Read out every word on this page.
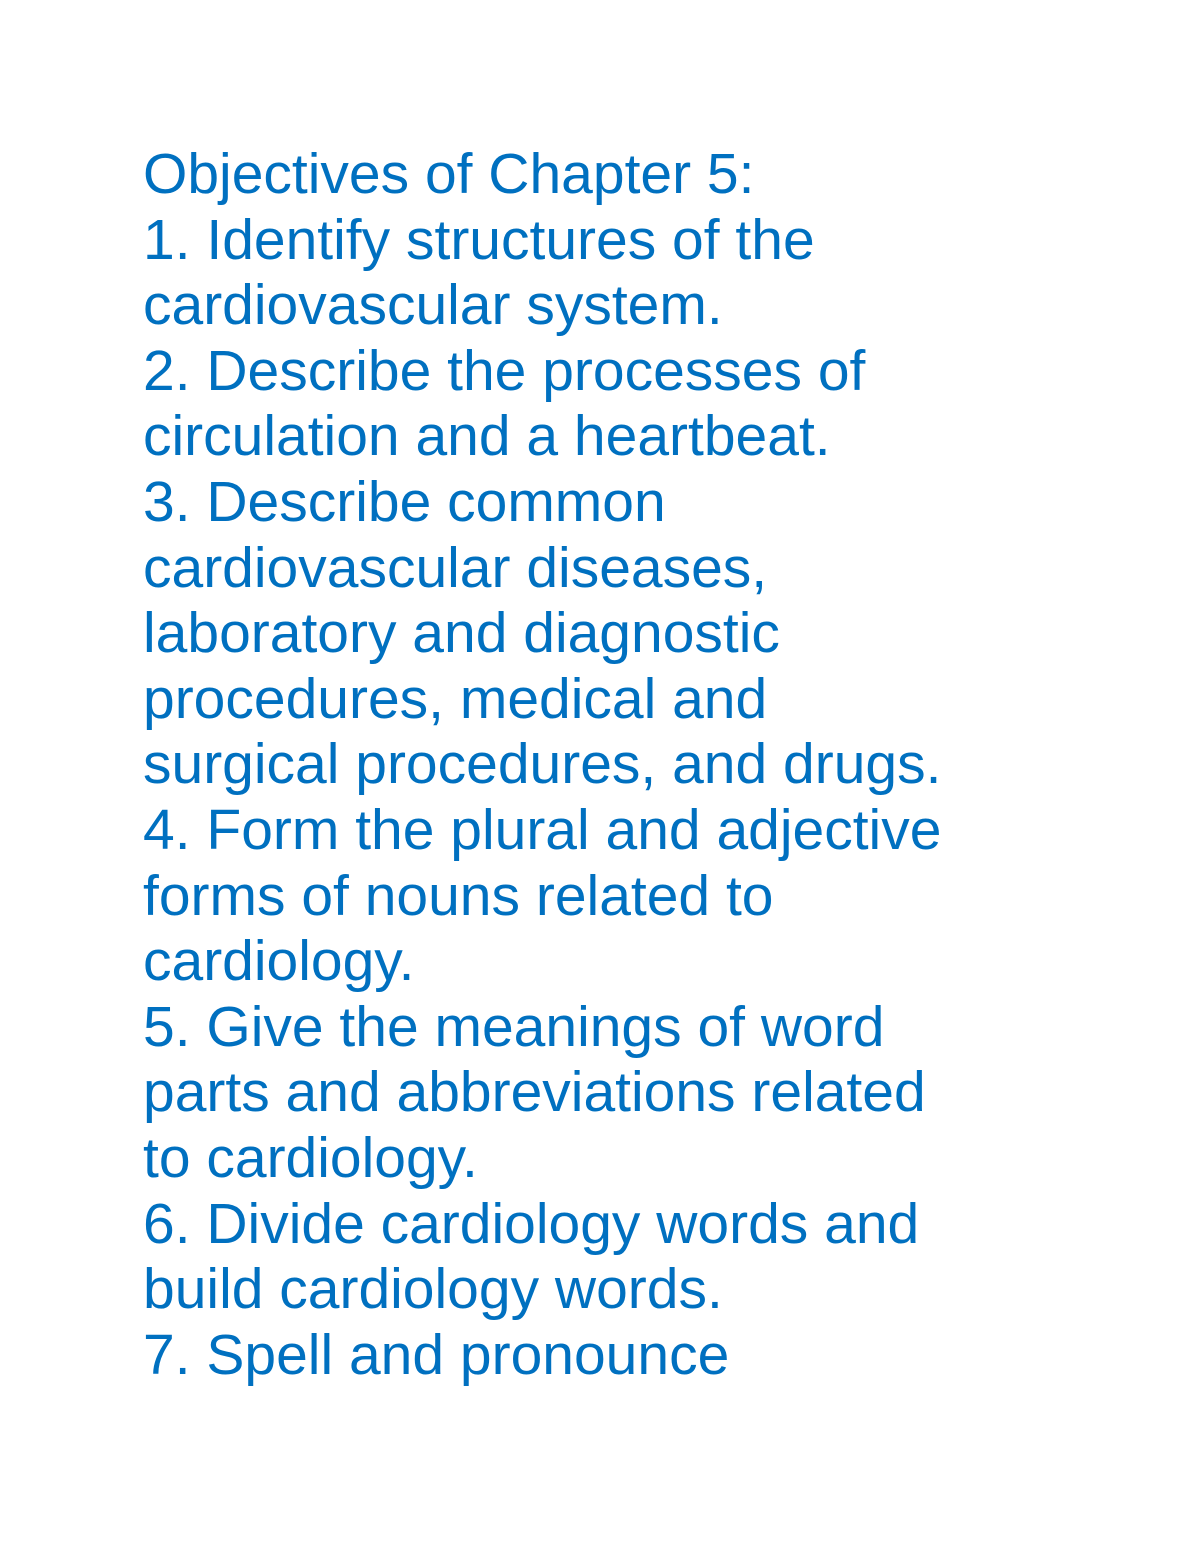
Objectives of Chapter 5:
1. Identify structures of the
cardiovascular system.
2. Describe the processes of
circulation and a heartbeat.
3. Describe common
cardiovascular diseases,
laboratory and diagnostic
procedures, medical and
surgical procedures, and drugs.
4. Form the plural and adjective
forms of nouns related to
cardiology.
5. Give the meanings of word
parts and abbreviations related
to cardiology.
6. Divide cardiology words and
build cardiology words.
7. Spell and pronounce
